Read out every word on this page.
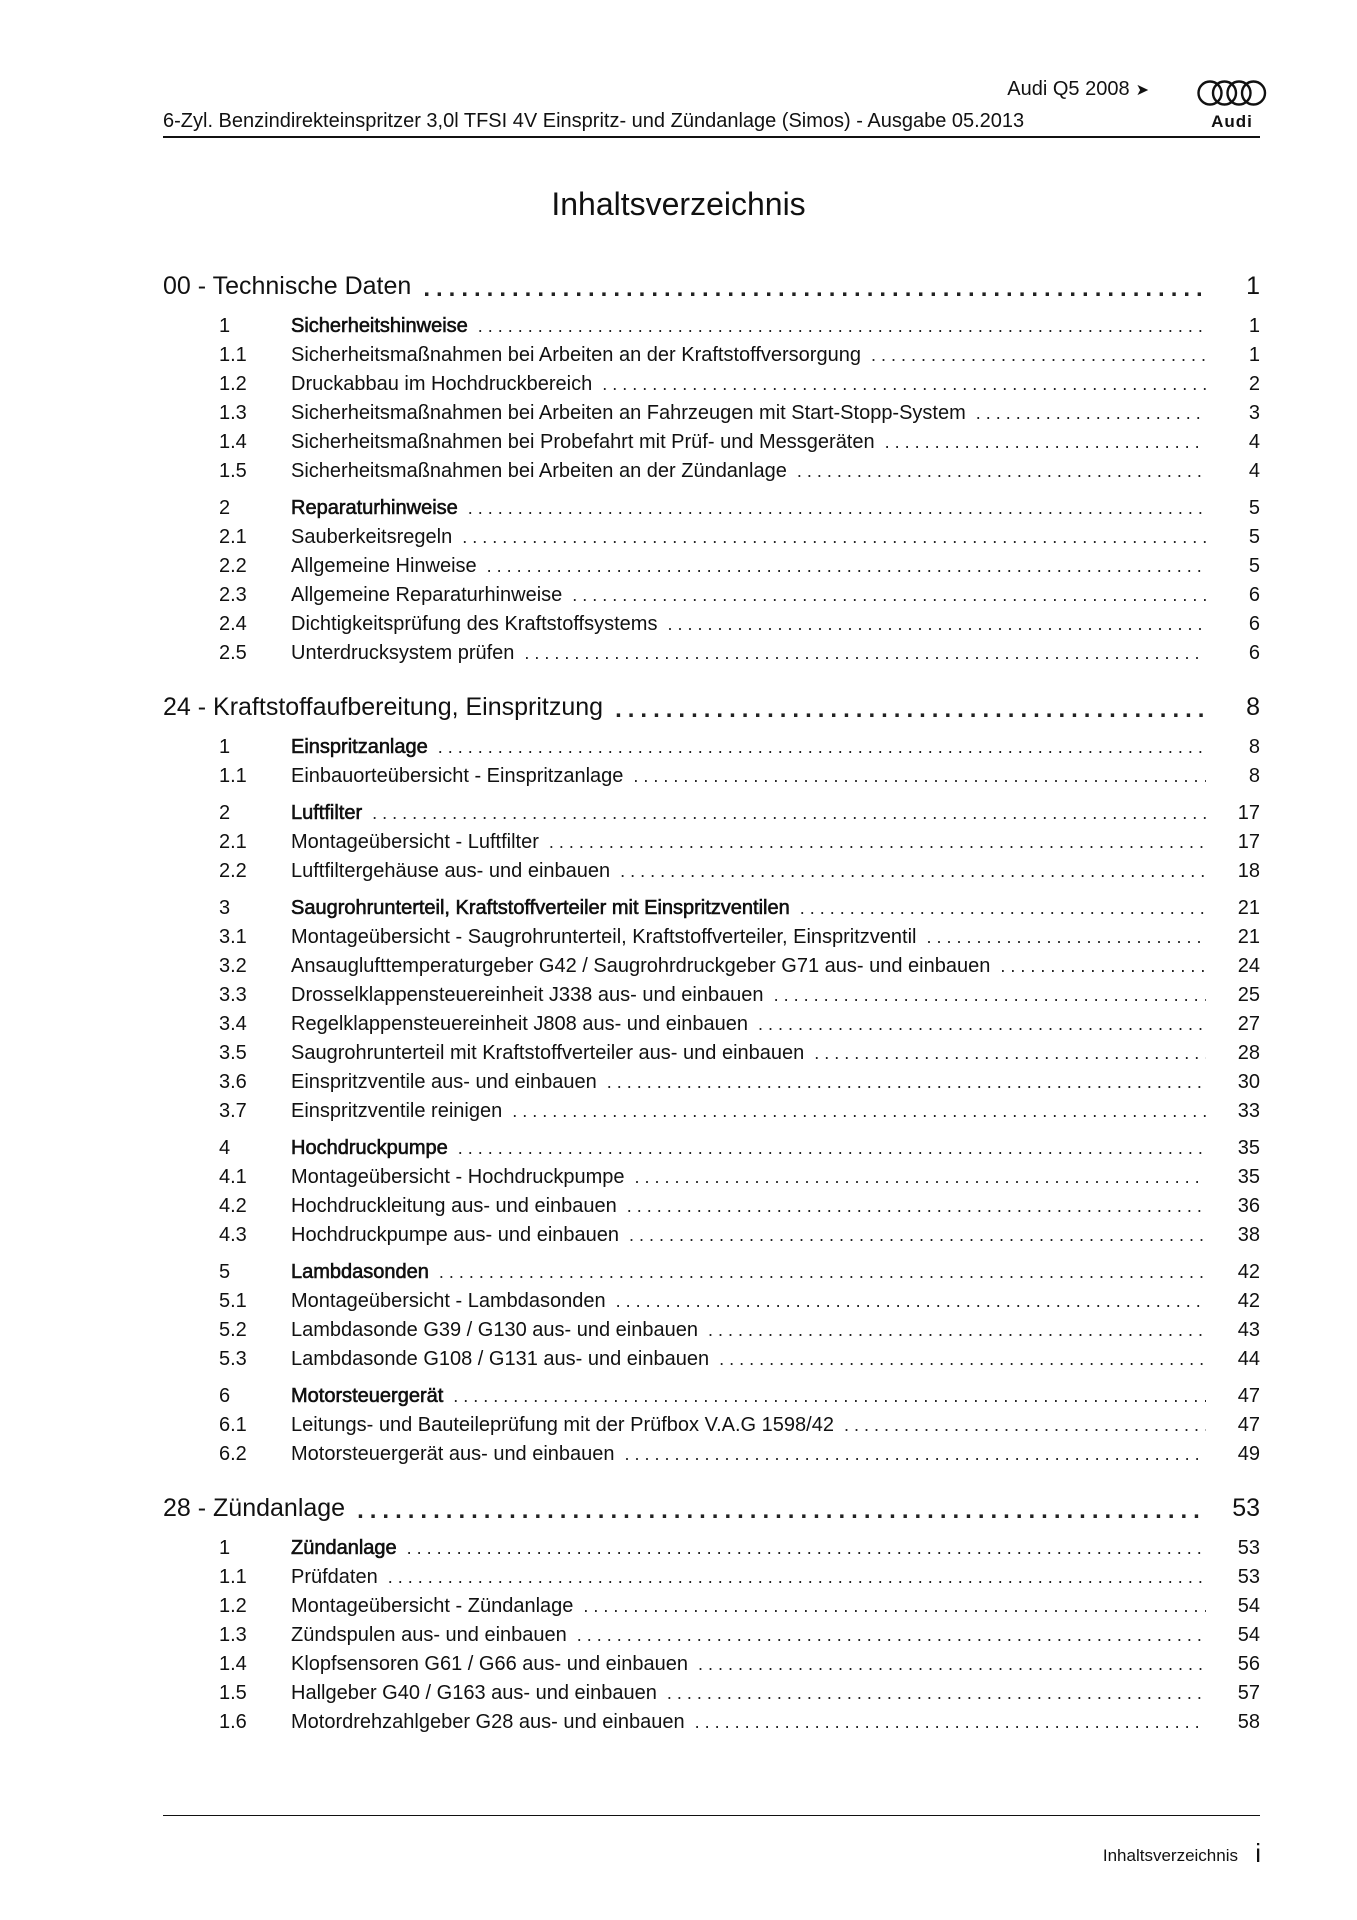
Audi Q5 2008 ➤
6-Zyl. Benzindirekteinspritzer 3,0l TFSI 4V Einspritz- und Zündanlage (Simos) - Ausgabe 05.2013	Audi
Inhaltsverzeichnis
00 - Technische Daten .....	1
1	Sicherheitshinweise .....	1
1.1	Sicherheitsmaßnahmen bei Arbeiten an der Kraftstoffversorgung .....	1
1.2	Druckabbau im Hochdruckbereich .....	2
1.3	Sicherheitsmaßnahmen bei Arbeiten an Fahrzeugen mit Start-Stopp-System .....	3
1.4	Sicherheitsmaßnahmen bei Probefahrt mit Prüf- und Messgeräten .....	4
1.5	Sicherheitsmaßnahmen bei Arbeiten an der Zündanlage .....	4
2	Reparaturhinweise .....	5
2.1	Sauberkeitsregeln .....	5
2.2	Allgemeine Hinweise .....	5
2.3	Allgemeine Reparaturhinweise .....	6
2.4	Dichtigkeitsprüfung des Kraftstoffsystems .....	6
2.5	Unterdrucksystem prüfen .....	6
24 - Kraftstoffaufbereitung, Einspritzung .....	8
1	Einspritzanlage .....	8
1.1	Einbauorteübersicht - Einspritzanlage .....	8
2	Luftfilter .....	17
2.1	Montageübersicht - Luftfilter .....	17
2.2	Luftfiltergehäuse aus- und einbauen .....	18
3	Saugrohrunterteil, Kraftstoffverteiler mit Einspritzventilen .....	21
3.1	Montageübersicht - Saugrohrunterteil, Kraftstoffverteiler, Einspritzventil .....	21
3.2	Ansauglufttemperaturgeber G42 / Saugrohrdruckgeber G71 aus- und einbauen .....	24
3.3	Drosselklappensteuereinheit J338 aus- und einbauen .....	25
3.4	Regelklappensteuereinheit J808 aus- und einbauen .....	27
3.5	Saugrohrunterteil mit Kraftstoffverteiler aus- und einbauen .....	28
3.6	Einspritzventile aus- und einbauen .....	30
3.7	Einspritzventile reinigen .....	33
4	Hochdruckpumpe .....	35
4.1	Montageübersicht - Hochdruckpumpe .....	35
4.2	Hochdruckleitung aus- und einbauen .....	36
4.3	Hochdruckpumpe aus- und einbauen .....	38
5	Lambdasonden .....	42
5.1	Montageübersicht - Lambdasonden .....	42
5.2	Lambdasonde G39 / G130 aus- und einbauen .....	43
5.3	Lambdasonde G108 / G131 aus- und einbauen .....	44
6	Motorsteuergerät .....	47
6.1	Leitungs- und Bauteileprüfung mit der Prüfbox V.A.G 1598/42 .....	47
6.2	Motorsteuergerät aus- und einbauen .....	49
28 - Zündanlage .....	53
1	Zündanlage .....	53
1.1	Prüfdaten .....	53
1.2	Montageübersicht - Zündanlage .....	54
1.3	Zündspulen aus- und einbauen .....	54
1.4	Klopfsensoren G61 / G66 aus- und einbauen .....	56
1.5	Hallgeber G40 / G163 aus- und einbauen .....	57
1.6	Motordrehzahlgeber G28 aus- und einbauen .....	58
Inhaltsverzeichnis i
